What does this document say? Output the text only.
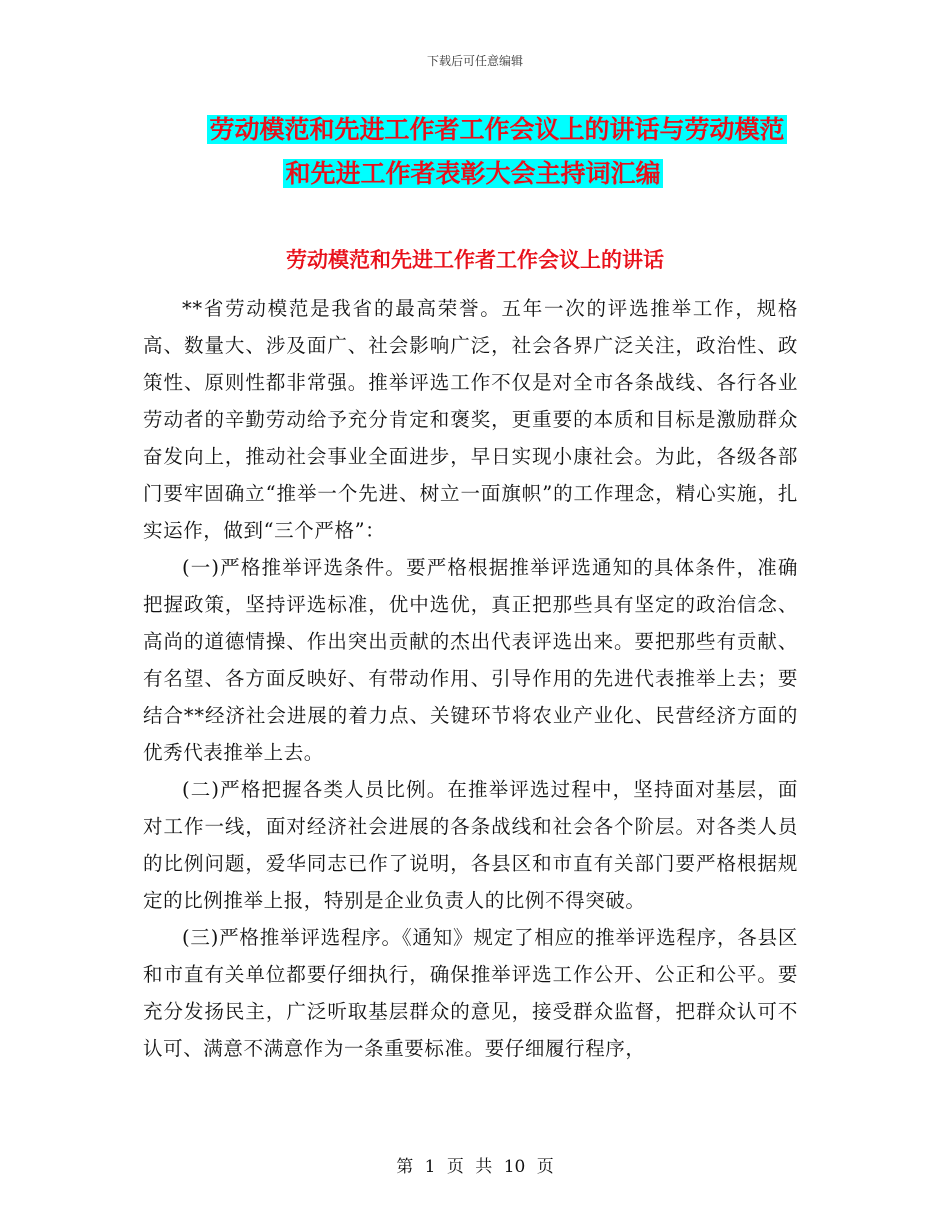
下载后可任意编辑
劳动模范和先进工作者工作会议上的讲话与劳动模范
和先进工作者表彰大会主持词汇编
劳动模范和先进工作者工作会议上的讲话

**省劳动模范是我省的最高荣誉。五年一次的评选推举工作，规格高、数量大、涉及面广、社会影响广泛，社会各界广泛关注，政治性、政策性、原则性都非常强。推举评选工作不仅是对全市各条战线、各行各业劳动者的辛勤劳动给予充分肯定和褒奖，更重要的本质和目标是激励群众奋发向上，推动社会事业全面进步，早日实现小康社会。为此，各级各部门要牢固确立“推举一个先进、树立一面旗帜”的工作理念，精心实施，扎实运作，做到“三个严格”：

(一)严格推举评选条件。要严格根据推举评选通知的具体条件，准确把握政策，坚持评选标准，优中选优，真正把那些具有坚定的政治信念、高尚的道德情操、作出突出贡献的杰出代表评选出来。要把那些有贡献、有名望、各方面反映好、有带动作用、引导作用的先进代表推举上去；要结合**经济社会进展的着力点、关键环节将农业产业化、民营经济方面的优秀代表推举上去。

(二)严格把握各类人员比例。在推举评选过程中，坚持面对基层，面对工作一线，面对经济社会进展的各条战线和社会各个阶层。对各类人员的比例问题，爱华同志已作了说明，各县区和市直有关部门要严格根据规定的比例推举上报，特别是企业负责人的比例不得突破。

(三)严格推举评选程序。《通知》规定了相应的推举评选程序，各县区和市直有关单位都要仔细执行，确保推举评选工作公开、公正和公平。要充分发扬民主，广泛听取基层群众的意见，接受群众监督，把群众认可不认可、满意不满意作为一条重要标准。要仔细履行程序，

第 1 页 共 10 页
